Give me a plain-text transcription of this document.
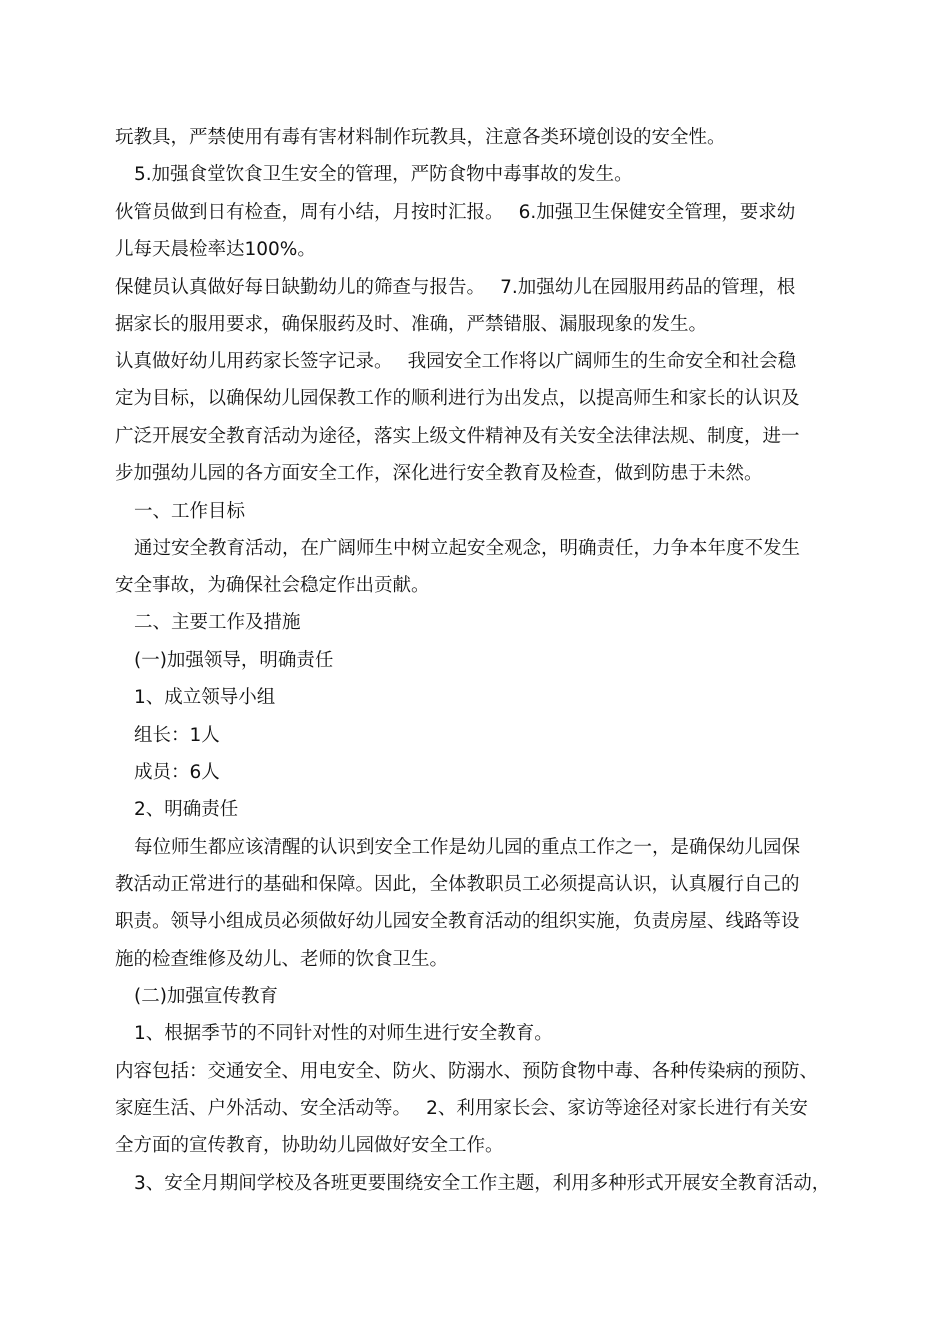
玩教具，严禁使用有毒有害材料制作玩教具，注意各类环境创设的安全性。
5.加强食堂饮食卫生安全的管理，严防食物中毒事故的发生。
伙管员做到日有检查，周有小结，月按时汇报。　 6.加强卫生保健安全管理，要求幼
儿每天晨检率达100%。
保健员认真做好每日缺勤幼儿的筛查与报告。　 7.加强幼儿在园服用药品的管理，根
据家长的服用要求，确保服药及时、准确，严禁错服、漏服现象的发生。
认真做好幼儿用药家长签字记录。　 我园安全工作将以广阔师生的生命安全和社会稳
定为目标，以确保幼儿园保教工作的顺利进行为出发点，以提高师生和家长的认识及
广泛开展安全教育活动为途径，落实上级文件精神及有关安全法律法规、制度，进一
步加强幼儿园的各方面安全工作，深化进行安全教育及检查，做到防患于未然。
一、工作目标
通过安全教育活动，在广阔师生中树立起安全观念，明确责任，力争本年度不发生
安全事故，为确保社会稳定作出贡献。
二、主要工作及措施
(一)加强领导，明确责任
1、成立领导小组
组长：1人
成员：6人
2、明确责任
每位师生都应该清醒的认识到安全工作是幼儿园的重点工作之一，是确保幼儿园保
教活动正常进行的基础和保障。因此，全体教职员工必须提高认识，认真履行自己的
职责。领导小组成员必须做好幼儿园安全教育活动的组织实施，负责房屋、线路等设
施的检查维修及幼儿、老师的饮食卫生。
(二)加强宣传教育
1、根据季节的不同针对性的对师生进行安全教育。
内容包括：交通安全、用电安全、防火、防溺水、预防食物中毒、各种传染病的预防、
家庭生活、户外活动、安全活动等。　 2、利用家长会、家访等途径对家长进行有关安
全方面的宣传教育，协助幼儿园做好安全工作。
3、安全月期间学校及各班更要围绕安全工作主题，利用多种形式开展安全教育活动，
